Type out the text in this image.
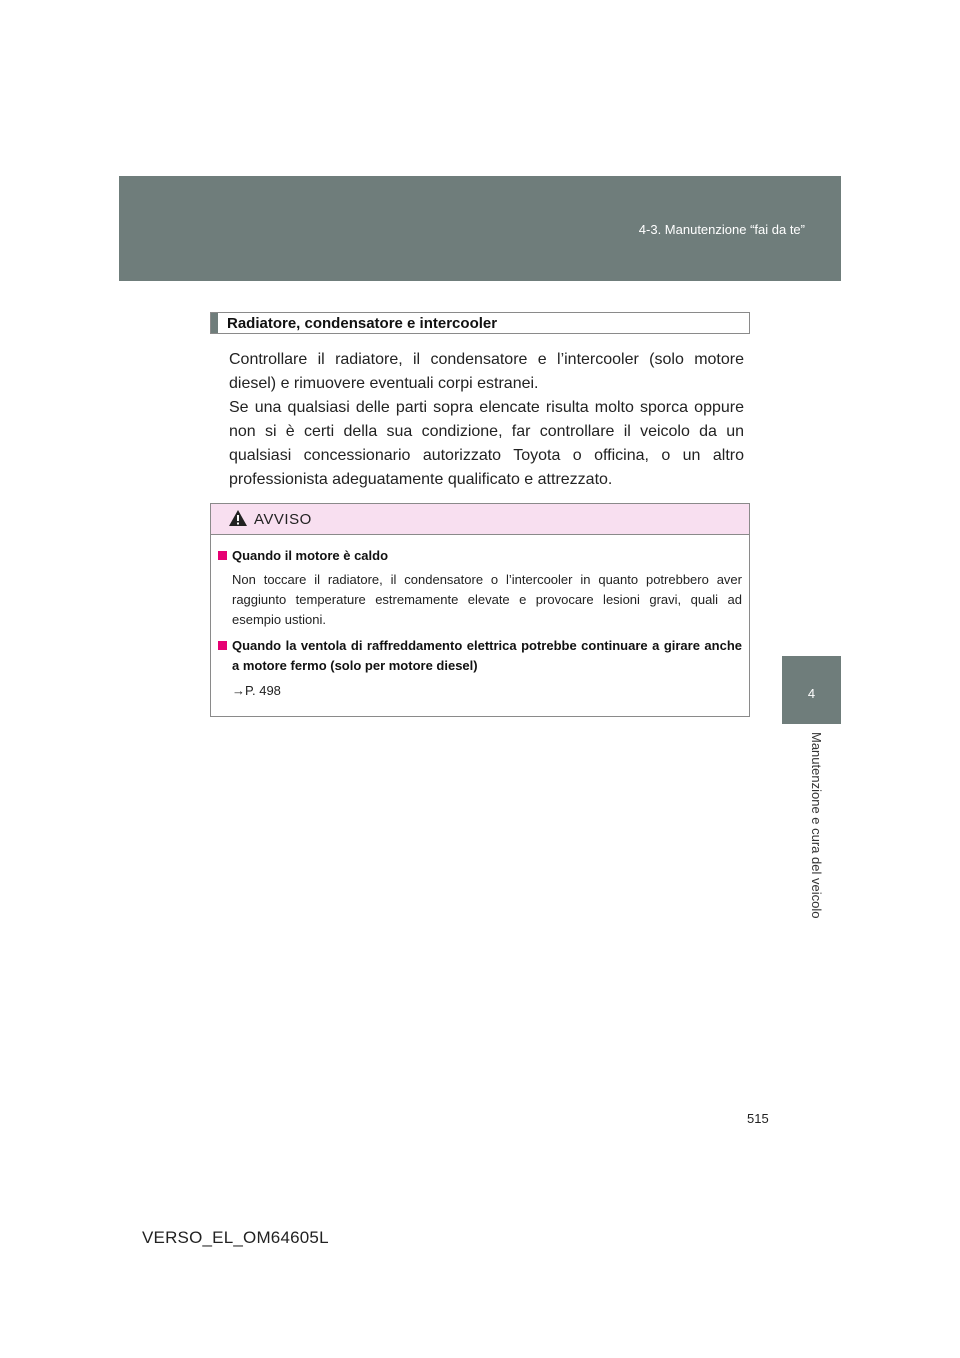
4-3. Manutenzione “fai da te”
4
Manutenzione e cura del veicolo
Radiatore, condensatore e intercooler

Controllare il radiatore, il condensatore e l’intercooler (solo motore diesel) e rimuovere eventuali corpi estranei.

Se una qualsiasi delle parti sopra elencate risulta molto sporca oppure non si è certi della sua condizione, far controllare il veicolo da un qualsiasi concessionario autorizzato Toyota o officina, o un altro professionista adeguatamente qualificato e attrezzato.

AVVISO
Quando il motore è caldo
Non toccare il radiatore, il condensatore o l’intercooler in quanto potrebbero aver raggiunto temperature estremamente elevate e provocare lesioni gravi, quali ad esempio ustioni.
Quando la ventola di raffreddamento elettrica potrebbe continuare a girare anche a motore fermo (solo per motore diesel)
→P. 498
515
VERSO_EL_OM64605L
